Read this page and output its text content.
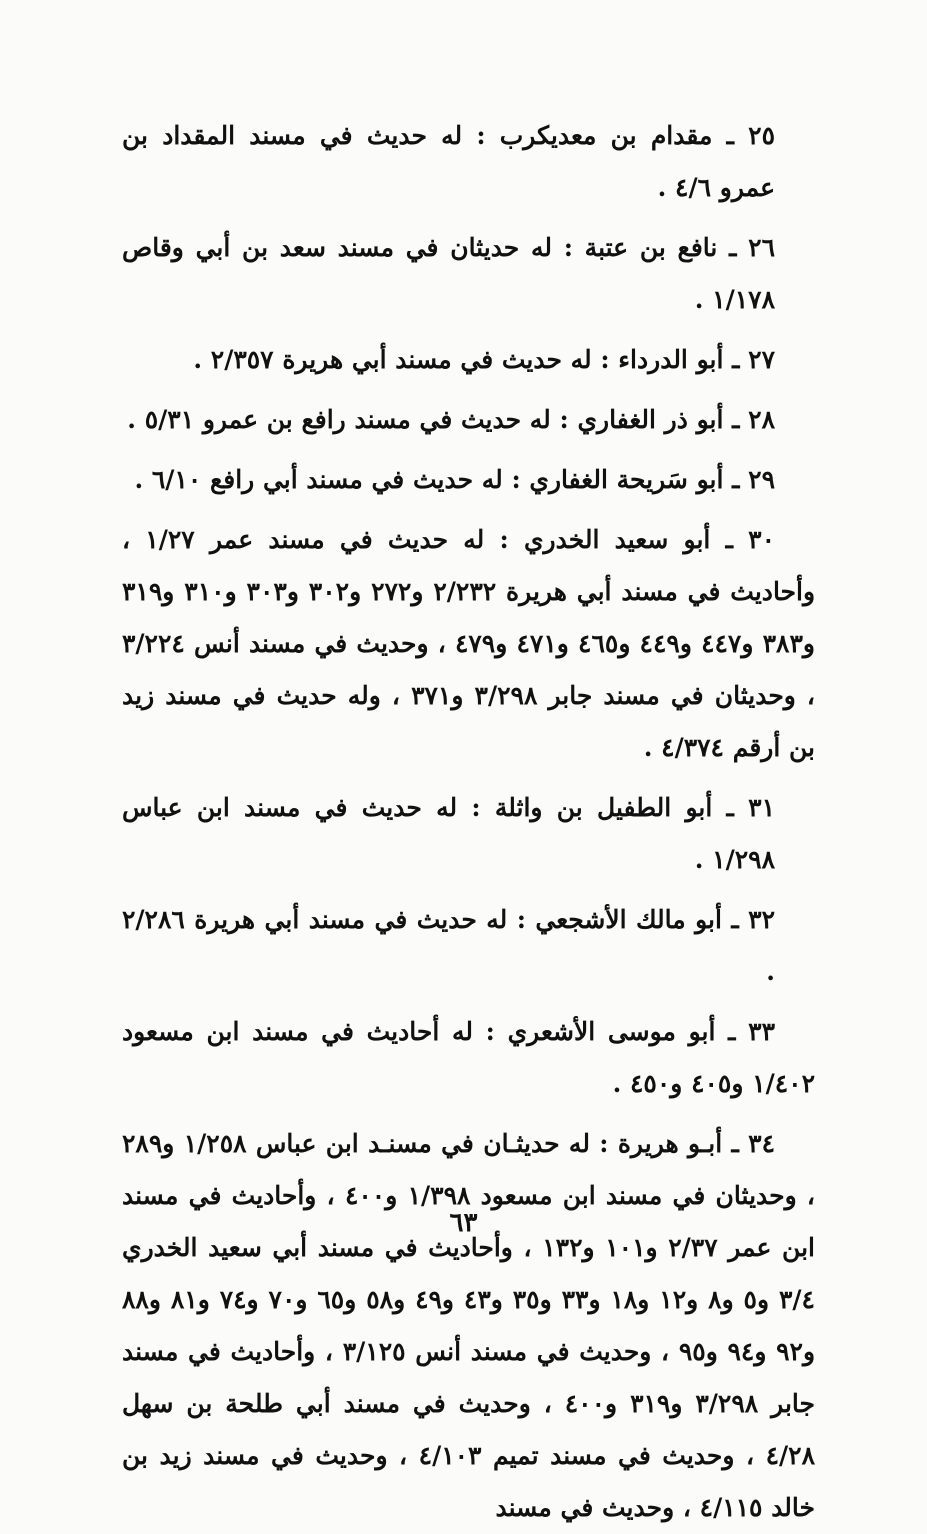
٢٥ ـ مقدام بن معديكرب : له حديث في مسند المقداد بن عمرو ٤/٦ .

٢٦ ـ نافع بن عتبة : له حديثان في مسند سعد بن أبي وقاص ١/١٧٨ .

٢٧ ـ أبو الدرداء : له حديث في مسند أبي هريرة ٢/٣٥٧ .

٢٨ ـ أبو ذر الغفاري : له حديث في مسند رافع بن عمرو ٥/٣١ .

٢٩ ـ أبو سَريحة الغفاري : له حديث في مسند أبي رافع ٦/١٠ .

٣٠ ـ أبو سعيد الخدري : له حديث في مسند عمر ١/٢٧ ، وأحاديث في مسند أبي هريرة ٢/٢٣٢ و٢٧٢ و٣٠٢ و٣٠٣ و٣١٠ و٣١٩ و٣٨٣ و٤٤٧ و٤٤٩ و٤٦٥ و٤٧١ و٤٧٩ ، وحديث في مسند أنس ٣/٢٢٤ ، وحديثان في مسند جابر ٣/٢٩٨ و٣٧١ ، وله حديث في مسند زيد بن أرقم ٤/٣٧٤ .

٣١ ـ أبو الطفيل بن واثلة : له حديث في مسند ابن عباس ١/٢٩٨ .

٣٢ ـ أبو مالك الأشجعي : له حديث في مسند أبي هريرة ٢/٢٨٦ .

٣٣ ـ أبو موسى الأشعري : له أحاديث في مسند ابن مسعود ١/٤٠٢ و٤٠٥ و٤٥٠ .

٣٤ ـ أبـو هريرة : له حديثـان في مسنـد ابن عباس ١/٢٥٨ و٢٨٩ ، وحديثان في مسند ابن مسعود ١/٣٩٨ و٤٠٠ ، وأحاديث في مسند ابن عمر ٢/٣٧ و١٠١ و١٣٢ ، وأحاديث في مسند أبي سعيد الخدري ٣/٤ و٥ و٨ و١٢ و١٨ و٣٣ و٣٥ و٤٣ و٤٩ و٥٨ و٦٥ و٧٠ و٧٤ و٨١ و٨٨ و٩٢ و٩٤ و٩٥ ، وحديث في مسند أنس ٣/١٢٥ ، وأحاديث في مسند جابر ٣/٢٩٨ و٣١٩ و٤٠٠ ، وحديث في مسند أبي طلحة بن سهل ٤/٢٨ ، وحديث في مسند تميم ٤/١٠٣ ، وحديث في مسند زيد بن خالد ٤/١١٥ ، وحديث في مسند

٦٣
